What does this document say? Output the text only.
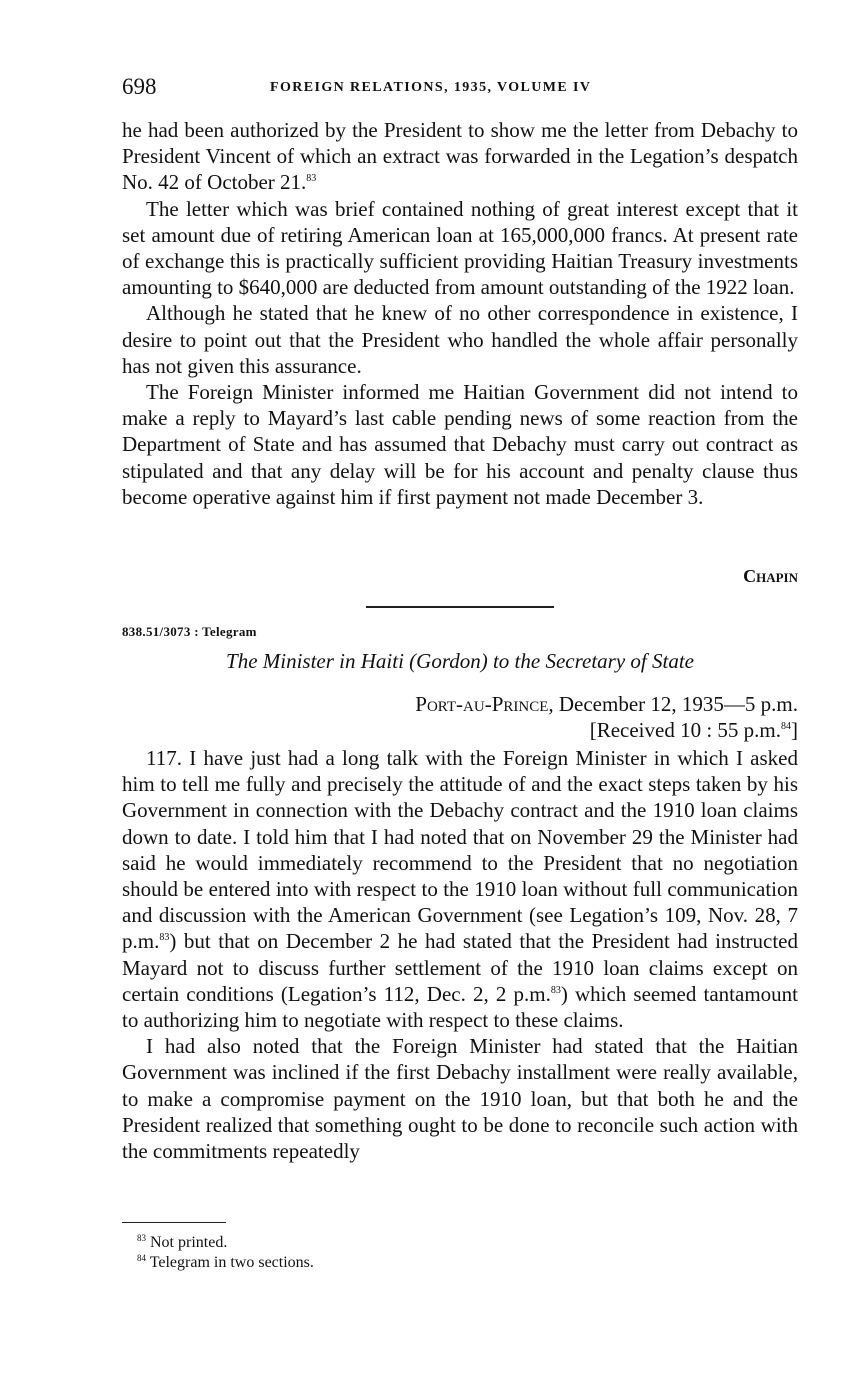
698	FOREIGN RELATIONS, 1935, VOLUME IV

he had been authorized by the President to show me the letter from Debachy to President Vincent of which an extract was forwarded in the Legation’s despatch No. 42 of October 21.83

The letter which was brief contained nothing of great interest except that it set amount due of retiring American loan at 165,000,000 francs. At present rate of exchange this is practically sufficient providing Haitian Treasury investments amounting to $640,000 are deducted from amount outstanding of the 1922 loan.

Although he stated that he knew of no other correspondence in existence, I desire to point out that the President who handled the whole affair personally has not given this assurance.

The Foreign Minister informed me Haitian Government did not intend to make a reply to Mayard’s last cable pending news of some reaction from the Department of State and has assumed that Debachy must carry out contract as stipulated and that any delay will be for his account and penalty clause thus become operative against him if first payment not made December 3.

Chapin
838.51/3073 : Telegram
The Minister in Haiti (Gordon) to the Secretary of State
Port-au-Prince, December 12, 1935—5 p.m.
[Received 10 : 55 p.m.$^{84}$]

117. I have just had a long talk with the Foreign Minister in which I asked him to tell me fully and precisely the attitude of and the exact steps taken by his Government in connection with the Debachy contract and the 1910 loan claims down to date. I told him that I had noted that on November 29 the Minister had said he would immediately recommend to the President that no negotiation should be entered into with respect to the 1910 loan without full communication and discussion with the American Government (see Legation’s 109, Nov. 28, 7 p.m.$^{83}$) but that on December 2 he had stated that the President had instructed Mayard not to discuss further settlement of the 1910 loan claims except on certain conditions (Legation’s 112, Dec. 2, 2 p.m.$^{83}$) which seemed tantamount to authorizing him to negotiate with respect to these claims.

I had also noted that the Foreign Minister had stated that the Haitian Government was inclined if the first Debachy installment were really available, to make a compromise payment on the 1910 loan, but that both he and the President realized that something ought to be done to reconcile such action with the commitments repeatedly

$^{83}$ Not printed.
$^{84}$ Telegram in two sections.
